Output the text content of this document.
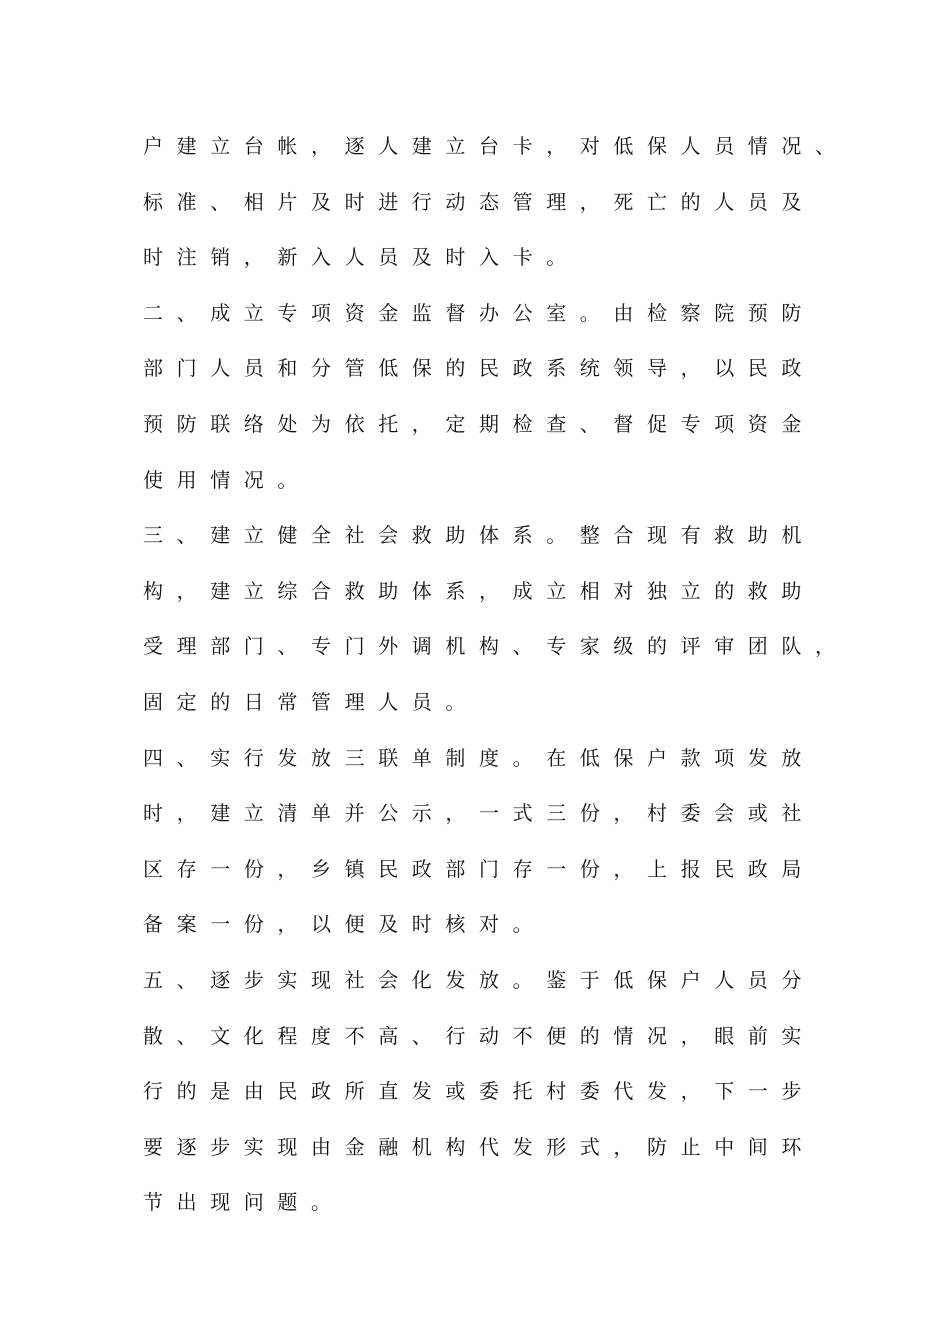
户建立台帐，逐人建立台卡，对低保人员情况、
标准、相片及时进行动态管理，死亡的人员及
时注销，新入人员及时入卡。
二、成立专项资金监督办公室。由检察院预防
部门人员和分管低保的民政系统领导，以民政
预防联络处为依托，定期检查、督促专项资金
使用情况。
三、建立健全社会救助体系。整合现有救助机
构，建立综合救助体系，成立相对独立的救助
受理部门、专门外调机构、专家级的评审团队，
固定的日常管理人员。
四、实行发放三联单制度。在低保户款项发放
时，建立清单并公示，一式三份，村委会或社
区存一份，乡镇民政部门存一份，上报民政局
备案一份，以便及时核对。
五、逐步实现社会化发放。鉴于低保户人员分
散、文化程度不高、行动不便的情况，眼前实
行的是由民政所直发或委托村委代发，下一步
要逐步实现由金融机构代发形式，防止中间环
节出现问题。
